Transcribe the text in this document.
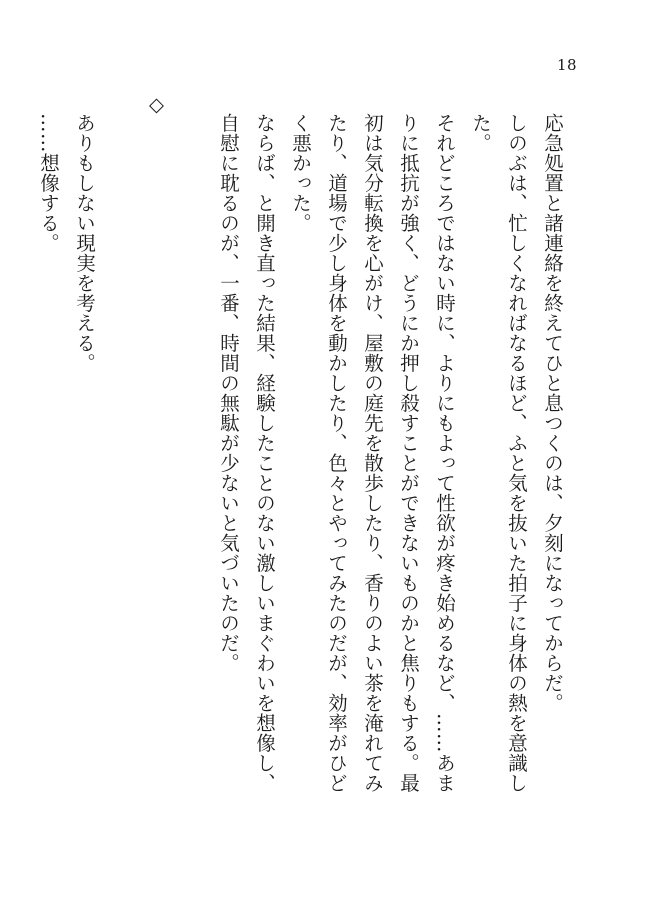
18

応急処置と諸連絡を終えてひと息つくのは、夕刻になってからだ。

しのぶは、忙しくなればなるほど、ふと気を抜いた拍子に身体の熱を意識した。

それどころではない時に、よりにもよって性欲が疼き始めるなど、……あまりに抵抗が強く、どうにか押し殺すことができないものかと焦りもする。最初は気分転換を心がけ、屋敷の庭先を散歩したり、香りのよい茶を淹れてみたり、道場で少し身体を動かしたり、色々とやってみたのだが、効率がひどく悪かった。

ならば、と開き直った結果、経験したことのない激しいまぐわいを想像し、自慰に耽るのが、一番、時間の無駄が少ないと気づいたのだ。

◇

ありもしない現実を考える。

……想像する。
